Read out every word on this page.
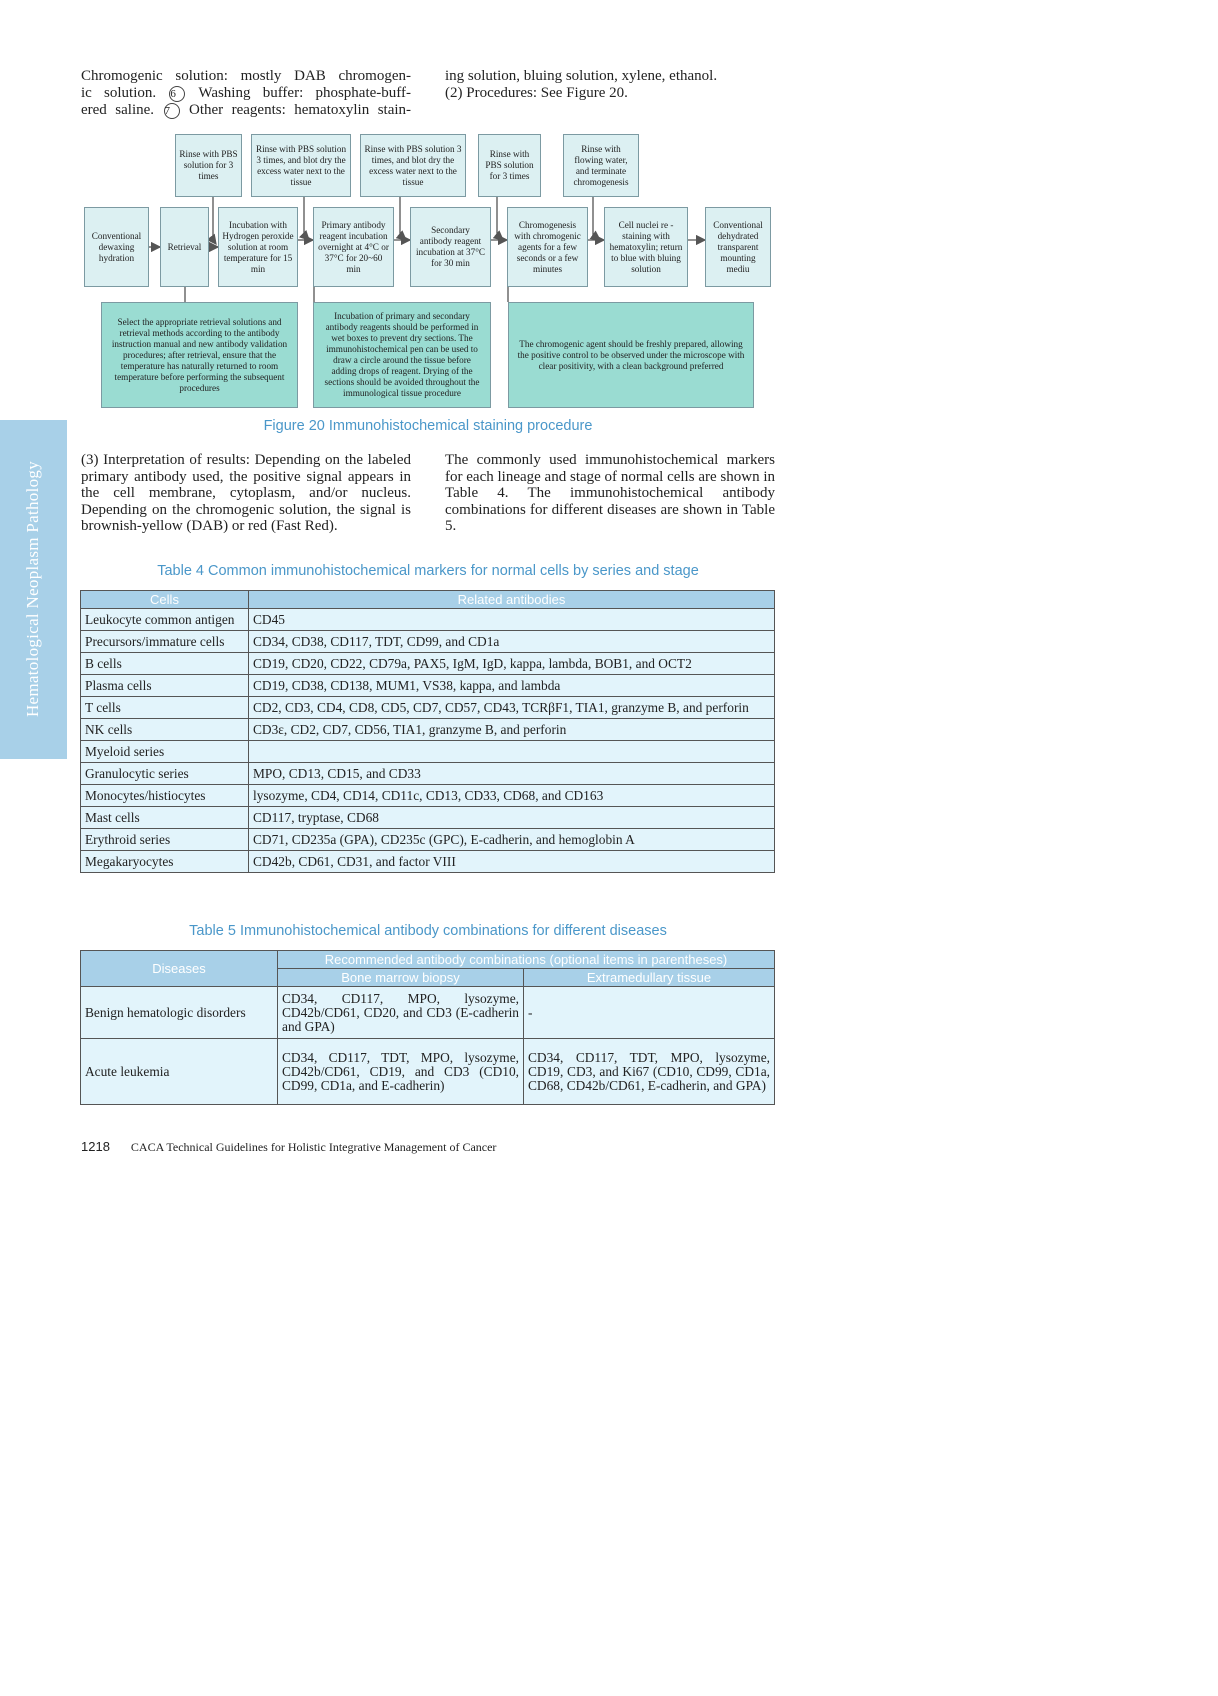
Hematological Neoplasm Pathology

Chromogenic solution: mostly DAB chromogen-

ic solution. 6 Washing buffer: phosphate-buff-

ered saline. 7 Other reagents: hematoxylin stain-

ing solution, bluing solution, xylene, ethanol.

(2) Procedures: See Figure 20.

Rinse with PBS solution for 3 times
Rinse with PBS solution 3 times, and blot dry the excess water next to the tissue
Rinse with PBS solution 3 times, and blot dry the excess water next to the tissue
Rinse with PBS solution for 3 times
Rinse with flowing water, and terminate chromogenesis
Conventional dewaxing hydration
Retrieval
Incubation with Hydrogen peroxide solution at room temperature for 15 min
Primary antibody reagent incubation overnight at 4°C or 37°C for 20~60 min
Secondary antibody reagent incubation at 37°C for 30 min
Chromogenesis with chromogenic agents for a few seconds or a few minutes
Cell nuclei re - staining with hematoxylin; return to blue with bluing solution
Conventional dehydrated transparent mounting mediu
Select the appropriate retrieval solutions and retrieval methods according to the antibody instruction manual and new antibody validation procedures; after retrieval, ensure that the temperature has naturally returned to room temperature before performing the subsequent procedures
Incubation of primary and secondary antibody reagents should be performed in wet boxes to prevent dry sections. The immunohistochemical pen can be used to draw a circle around the tissue before adding drops of reagent. Drying of the sections should be avoided throughout the immunological tissue procedure
The chromogenic agent should be freshly prepared, allowing the positive control to be observed under the microscope with clear positivity, with a clean background preferred
Figure 20 Immunohistochemical staining procedure
(3) Interpretation of results: Depending on the labeled primary antibody used, the positive signal appears in the cell membrane, cytoplasm, and/or nucleus. Depending on the chromogenic solution, the signal is brownish-yellow (DAB) or red (Fast Red).
The commonly used immunohistochemical markers for each lineage and stage of normal cells are shown in Table 4. The immunohistochemical antibody combinations for different diseases are shown in Table 5.
Table 4 Common immunohistochemical markers for normal cells by series and stage
Cells	Related antibodies
Leukocyte common antigen	CD45
Precursors/immature cells	CD34, CD38, CD117, TDT, CD99, and CD1a
B cells	CD19, CD20, CD22, CD79a, PAX5, IgM, IgD, kappa, lambda, BOB1, and OCT2
Plasma cells	CD19, CD38, CD138, MUM1, VS38, kappa, and lambda
T cells	CD2, CD3, CD4, CD8, CD5, CD7, CD57, CD43, TCRβF1, TIA1, granzyme B, and perforin
NK cells	CD3ε, CD2, CD7, CD56, TIA1, granzyme B, and perforin
Myeloid series	
Granulocytic series	MPO, CD13, CD15, and CD33
Monocytes/histiocytes	lysozyme, CD4, CD14, CD11c, CD13, CD33, CD68, and CD163
Mast cells	CD117, tryptase, CD68
Erythroid series	CD71, CD235a (GPA), CD235c (GPC), E-cadherin, and hemoglobin A
Megakaryocytes	CD42b, CD61, CD31, and factor VIII
Table 5 Immunohistochemical antibody combinations for different diseases
Diseases	Recommended antibody combinations (optional items in parentheses)	
	Bone marrow biopsy	Extramedullary tissue
Benign hematologic disorders	CD34, CD117, MPO, lysozyme, CD42b/CD61, CD20, and CD3 (E-cadherin and GPA)	-
Acute leukemia	CD34, CD117, TDT, MPO, lysozyme, CD42b/CD61, CD19, and CD3 (CD10, CD99, CD1a, and E-cadherin)	CD34, CD117, TDT, MPO, lysozyme, CD19, CD3, and Ki67 (CD10, CD99, CD1a, CD68, CD42b/CD61, E-cadherin, and GPA)
1218 CACA Technical Guidelines for Holistic Integrative Management of Cancer
